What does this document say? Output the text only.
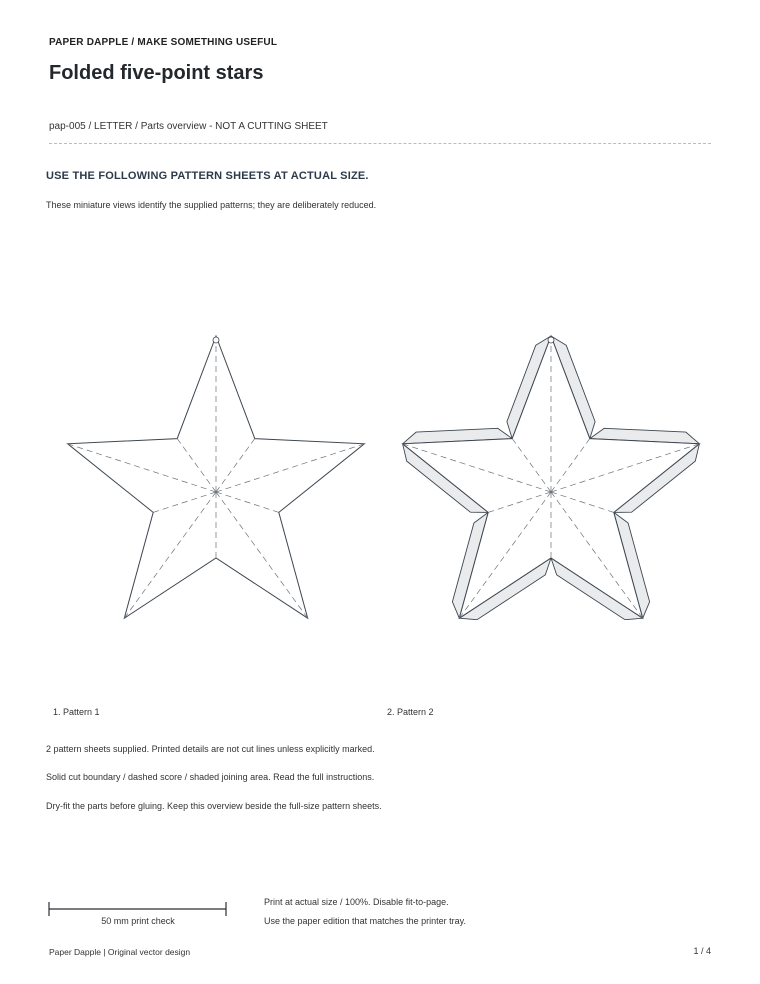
PAPER DAPPLE / MAKE SOMETHING USEFUL
Folded five-point stars
pap-005 / LETTER / Parts overview - NOT A CUTTING SHEET
USE THE FOLLOWING PATTERN SHEETS AT ACTUAL SIZE.
These miniature views identify the supplied patterns; they are deliberately reduced.
1. Pattern 1	2. Pattern 2
2 pattern sheets supplied. Printed details are not cut lines unless explicitly marked.
Solid cut boundary / dashed score / shaded joining area. Read the full instructions.
Dry-fit the parts before gluing. Keep this overview beside the full-size pattern sheets.
50 mm print check
Print at actual size / 100%. Disable fit-to-page.
Use the paper edition that matches the printer tray.
Paper Dapple | Original vector design	1 / 4
